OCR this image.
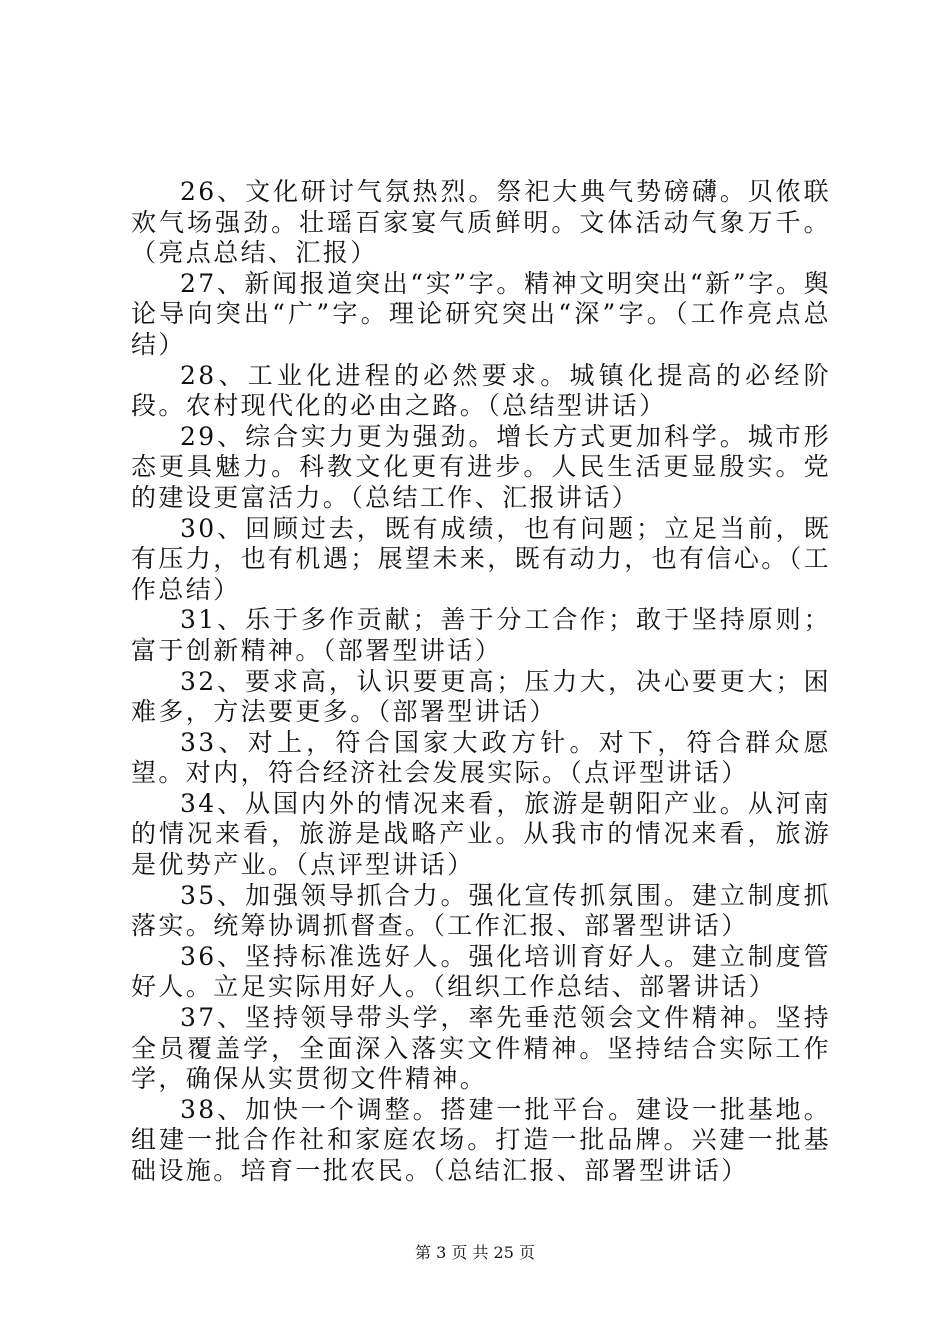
26、文化研讨气氛热烈。祭祀大典气势磅礴。贝侬联欢气场强劲。壮瑶百家宴气质鲜明。文体活动气象万千。（亮点总结、汇报）

27、新闻报道突出“实”字。精神文明突出“新”字。舆论导向突出“广”字。理论研究突出“深”字。（工作亮点总结）

28、工业化进程的必然要求。城镇化提高的必经阶段。农村现代化的必由之路。（总结型讲话）

29、综合实力更为强劲。增长方式更加科学。城市形态更具魅力。科教文化更有进步。人民生活更显殷实。党的建设更富活力。（总结工作、汇报讲话）

30、回顾过去，既有成绩，也有问题；立足当前，既有压力，也有机遇；展望未来，既有动力，也有信心。（工作总结）

31、乐于多作贡献；善于分工合作；敢于坚持原则；富于创新精神。（部署型讲话）

32、要求高，认识要更高；压力大，决心要更大；困难多，方法要更多。（部署型讲话）

33、对上，符合国家大政方针。对下，符合群众愿望。对内，符合经济社会发展实际。（点评型讲话）

34、从国内外的情况来看，旅游是朝阳产业。从河南的情况来看，旅游是战略产业。从我市的情况来看，旅游是优势产业。（点评型讲话）

35、加强领导抓合力。强化宣传抓氛围。建立制度抓落实。统筹协调抓督查。（工作汇报、部署型讲话）

36、坚持标准选好人。强化培训育好人。建立制度管好人。立足实际用好人。（组织工作总结、部署讲话）

37、坚持领导带头学，率先垂范领会文件精神。坚持全员覆盖学，全面深入落实文件精神。坚持结合实际工作学，确保从实贯彻文件精神。

38、加快一个调整。搭建一批平台。建设一批基地。组建一批合作社和家庭农场。打造一批品牌。兴建一批基础设施。培育一批农民。（总结汇报、部署型讲话）

第 3 页 共 25 页
